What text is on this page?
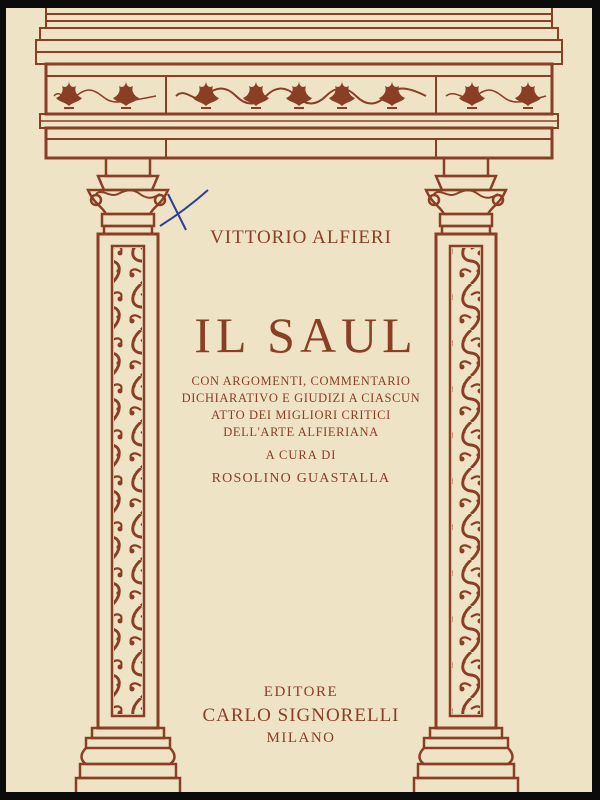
VITTORIO ALFIERI

IL SAUL

CON ARGOMENTI, COMMENTARIO

DICHIARATIVO E GIUDIZI A CIASCUN

ATTO DEI MIGLIORI CRITICI

DELL'ARTE ALFIERIANA

A CURA DI

ROSOLINO GUASTALLA

EDITORE

CARLO SIGNORELLI

MILANO
